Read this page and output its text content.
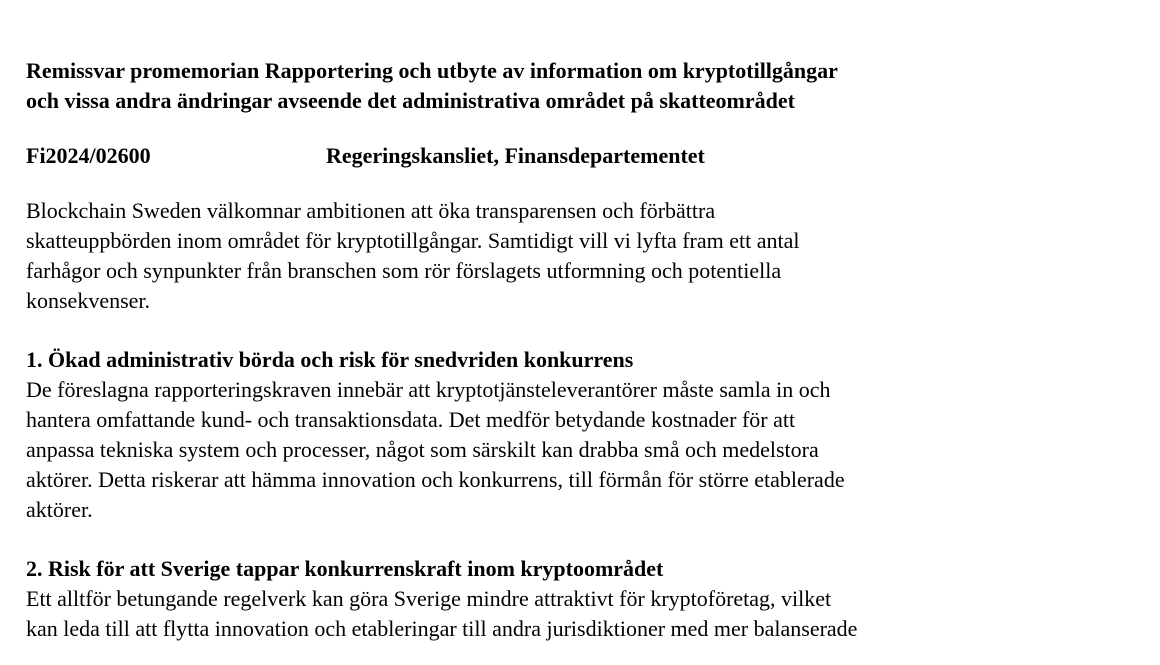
Remissvar promemorian Rapportering och utbyte av information om kryptotillgångar
och vissa andra ändringar avseende det administrativa området på skatteområdet
Fi2024/02600	Regeringskansliet, Finansdepartementet
Blockchain Sweden välkomnar ambitionen att öka transparensen och förbättra
skatteuppbörden inom området för kryptotillgångar. Samtidigt vill vi lyfta fram ett antal
farhågor och synpunkter från branschen som rör förslagets utformning och potentiella
konsekvenser.
1. Ökad administrativ börda och risk för snedvriden konkurrens
De föreslagna rapporteringskraven innebär att kryptotjänsteleverantörer måste samla in och
hantera omfattande kund- och transaktionsdata. Det medför betydande kostnader för att
anpassa tekniska system och processer, något som särskilt kan drabba små och medelstora
aktörer. Detta riskerar att hämma innovation och konkurrens, till förmån för större etablerade
aktörer.
2. Risk för att Sverige tappar konkurrenskraft inom kryptoområdet
Ett alltför betungande regelverk kan göra Sverige mindre attraktivt för kryptoföretag, vilket
kan leda till att flytta innovation och etableringar till andra jurisdiktioner med mer balanserade
